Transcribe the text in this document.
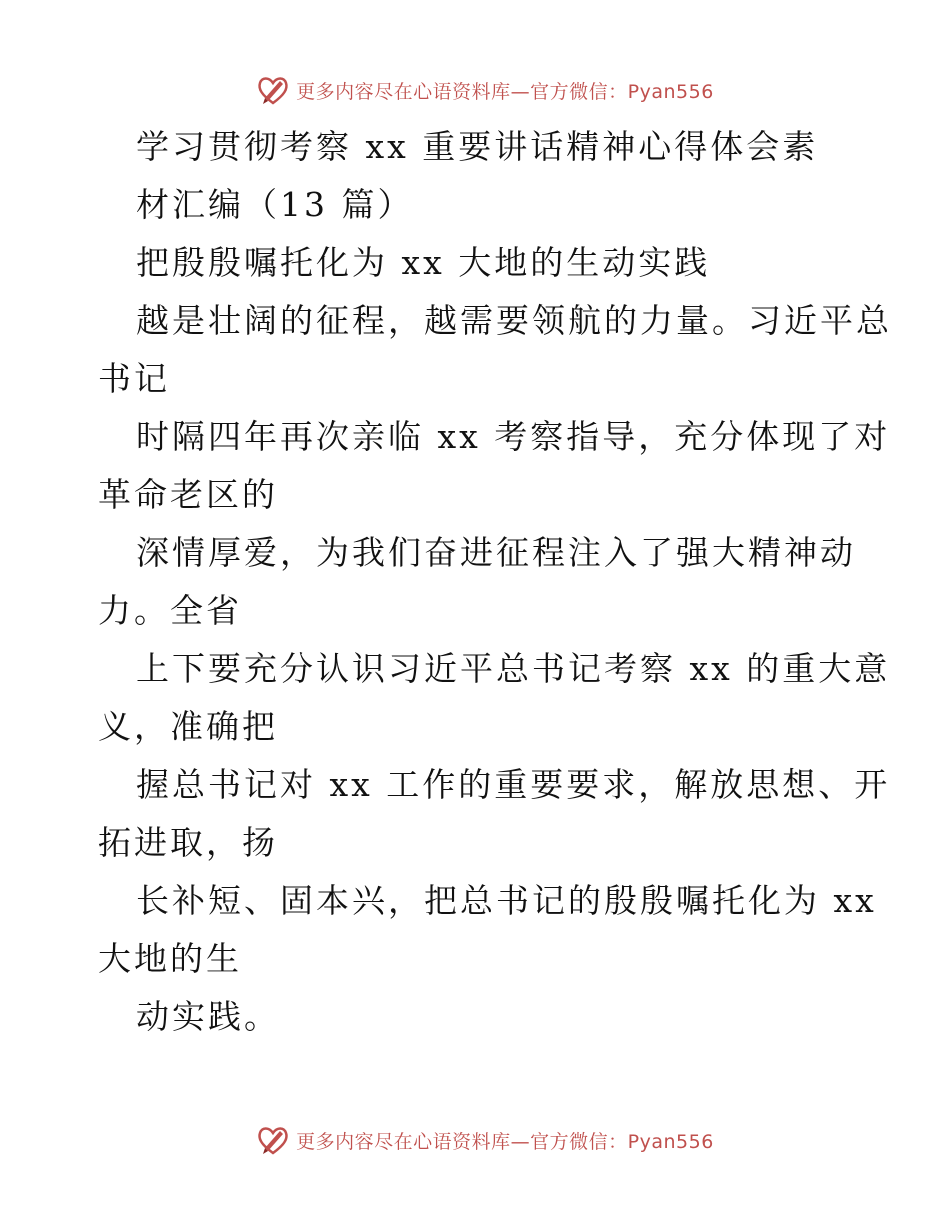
更多内容尽在心语资料库—官方微信：Pyan556
学习贯彻考察 xx 重要讲话精神心得体会素
材汇编（13 篇）
把殷殷嘱托化为 xx 大地的生动实践
越是壮阔的征程，越需要领航的力量。习近平总
书记
时隔四年再次亲临 xx 考察指导，充分体现了对
革命老区的
深情厚爱，为我们奋进征程注入了强大精神动
力。全省
上下要充分认识习近平总书记考察 xx 的重大意
义，准确把
握总书记对 xx 工作的重要要求，解放思想、开
拓进取，扬
长补短、固本兴，把总书记的殷殷嘱托化为 xx
大地的生
动实践。
更多内容尽在心语资料库—官方微信：Pyan556
